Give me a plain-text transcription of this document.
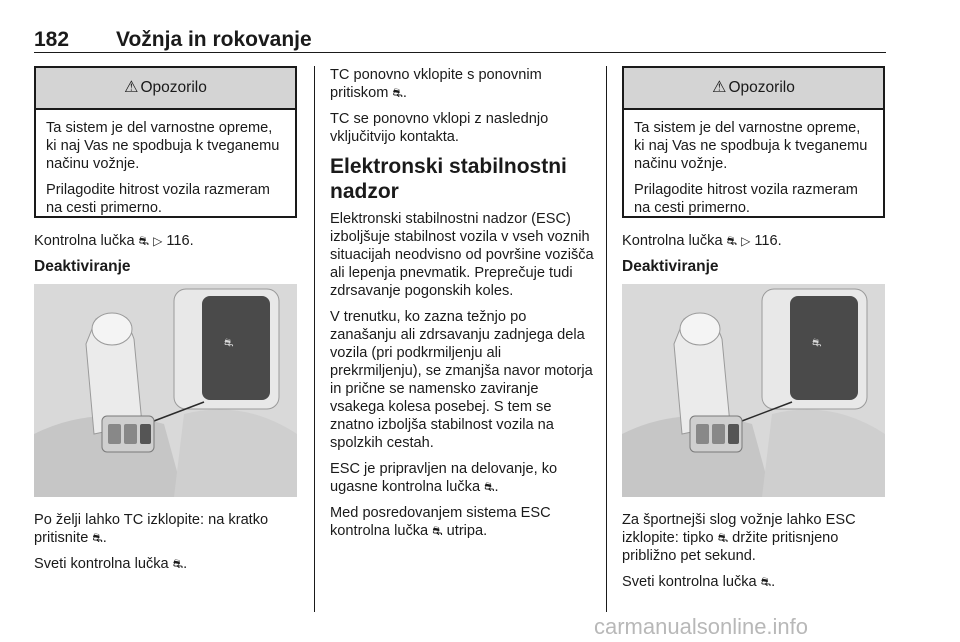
182 Vožnja in rokovanje
⚠ Opozorilo

Ta sistem je del varnostne opreme, ki naj Vas ne spodbuja k tveganemu načinu vožnje.

Prilagodite hitrost vozila razmeram na cesti primerno.

Kontrolna lučka ⛐ ▷ 116.

Deaktiviranje

⛐

Po želji lahko TC izklopite: na kratko pritisnite ⛐.

Sveti kontrolna lučka ⛐.

TC ponovno vklopite s ponovnim pritiskom ⛐.

TC se ponovno vklopi z naslednjo vključitvijo kontakta.

Elektronski stabilnostni nadzor

Elektronski stabilnostni nadzor (ESC) izboljšuje stabilnost vozila v vseh voznih situacijah neodvisno od površine vozišča ali lepenja pnevmatik. Preprečuje tudi zdrsavanje pogonskih koles.

V trenutku, ko zazna težnjo po zanašanju ali zdrsavanju zadnjega dela vozila (pri podkrmiljenju ali prekrmiljenju), se zmanjša navor motorja in prične se namensko zaviranje vsakega kolesa posebej. S tem se znatno izboljša stabilnost vozila na spolzkih cestah.

ESC je pripravljen na delovanje, ko ugasne kontrolna lučka ⛐.

Med posredovanjem sistema ESC kontrolna lučka ⛐ utripa.

⚠ Opozorilo

Ta sistem je del varnostne opreme, ki naj Vas ne spodbuja k tveganemu načinu vožnje.

Prilagodite hitrost vozila razmeram na cesti primerno.

Kontrolna lučka ⛐ ▷ 116.

Deaktiviranje

⛐

Za športnejši slog vožnje lahko ESC izklopite: tipko ⛐ držite pritisnjeno približno pet sekund.

Sveti kontrolna lučka ⛐.

carmanualsonline.info
